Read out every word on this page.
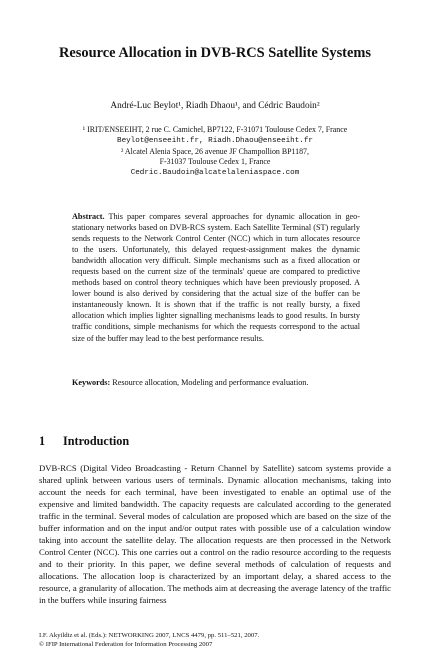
Resource Allocation in DVB-RCS Satellite Systems
André-Luc Beylot¹, Riadh Dhaou¹, and Cédric Baudoin²
¹ IRIT/ENSEEIHT, 2 rue C. Camichel, BP7122, F-31071 Toulouse Cedex 7, France
Beylot@enseeiht.fr, Riadh.Dhaou@enseeiht.fr
² Alcatel Alenia Space, 26 avenue JF Champollion BP1187,
F-31037 Toulouse Cedex 1, France
Cedric.Baudoin@alcatelaleniaspace.com
Abstract. This paper compares several approaches for dynamic allocation in geo-stationary networks based on DVB-RCS system. Each Satellite Terminal (ST) regularly sends requests to the Network Control Center (NCC) which in turn allocates resource to the users. Unfortunately, this delayed request-assignment makes the dynamic bandwidth allocation very difficult. Simple mechanisms such as a fixed allocation or requests based on the current size of the terminals' queue are compared to predictive methods based on control theory techniques which have been previously proposed. A lower bound is also derived by considering that the actual size of the buffer can be instantaneously known. It is shown that if the traffic is not really bursty, a fixed allocation which implies lighter signalling mechanisms leads to good results. In bursty traffic conditions, simple mechanisms for which the requests correspond to the actual size of the buffer may lead to the best performance results.
Keywords: Resource allocation, Modeling and performance evaluation.
1 Introduction
DVB-RCS (Digital Video Broadcasting - Return Channel by Satellite) satcom systems provide a shared uplink between various users of terminals. Dynamic allocation mechanisms, taking into account the needs for each terminal, have been investigated to enable an optimal use of the expensive and limited bandwidth. The capacity requests are calculated according to the generated traffic in the terminal. Several modes of calculation are proposed which are based on the size of the buffer information and on the input and/or output rates with possible use of a calculation window taking into account the satellite delay. The allocation requests are then processed in the Network Control Center (NCC). This one carries out a control on the radio resource according to the requests and to their priority. In this paper, we define several methods of calculation of requests and allocations. The allocation loop is characterized by an important delay, a shared access to the resource, a granularity of allocation. The methods aim at decreasing the average latency of the traffic in the buffers while insuring fairness
I.F. Akyildiz et al. (Eds.): NETWORKING 2007, LNCS 4479, pp. 511–521, 2007.
© IFIP International Federation for Information Processing 2007
